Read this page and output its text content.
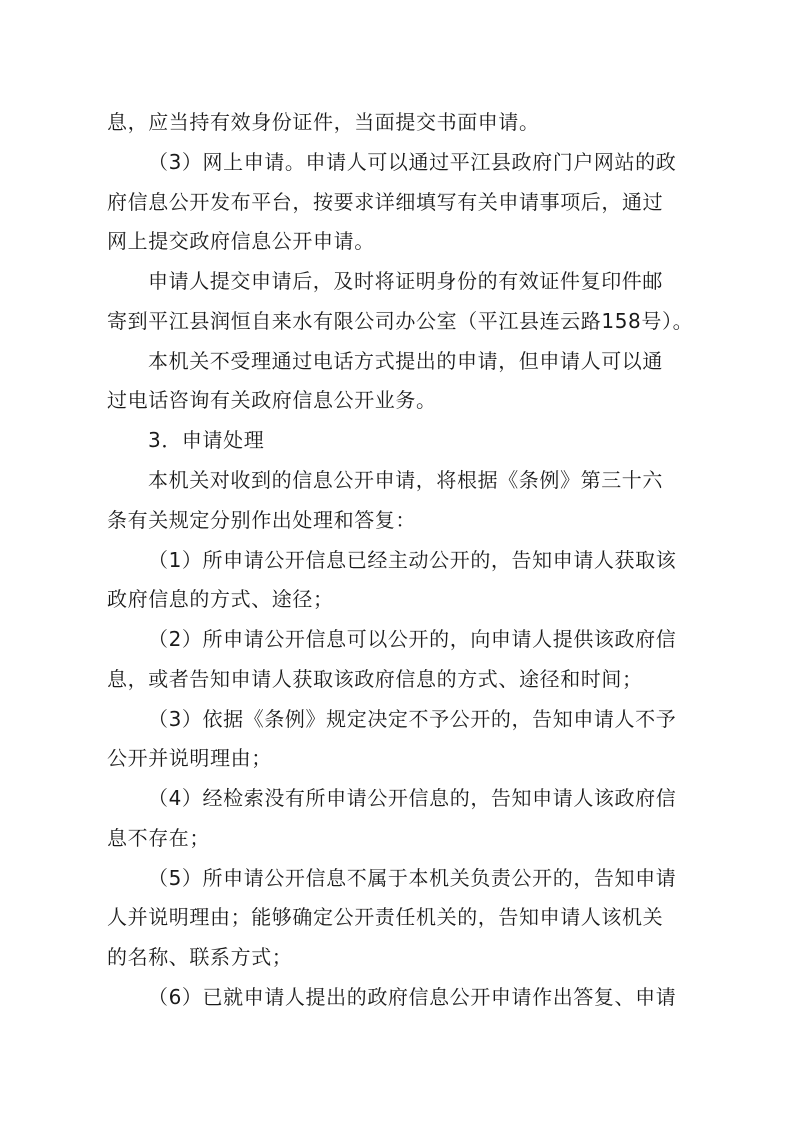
息，应当持有效身份证件，当面提交书面申请。

（3）网上申请。申请人可以通过平江县政府门户网站的政

府信息公开发布平台，按要求详细填写有关申请事项后，通过

网上提交政府信息公开申请。

申请人提交申请后，及时将证明身份的有效证件复印件邮

寄到平江县润恒自来水有限公司办公室（平江县连云路158号）。

本机关不受理通过电话方式提出的申请，但申请人可以通

过电话咨询有关政府信息公开业务。

3．申请处理

本机关对收到的信息公开申请，将根据《条例》第三十六

条有关规定分别作出处理和答复：

（1）所申请公开信息已经主动公开的，告知申请人获取该

政府信息的方式、途径；

（2）所申请公开信息可以公开的，向申请人提供该政府信

息，或者告知申请人获取该政府信息的方式、途径和时间；

（3）依据《条例》规定决定不予公开的，告知申请人不予

公开并说明理由；

（4）经检索没有所申请公开信息的，告知申请人该政府信

息不存在；

（5）所申请公开信息不属于本机关负责公开的，告知申请

人并说明理由；能够确定公开责任机关的，告知申请人该机关

的名称、联系方式；

（6）已就申请人提出的政府信息公开申请作出答复、申请
